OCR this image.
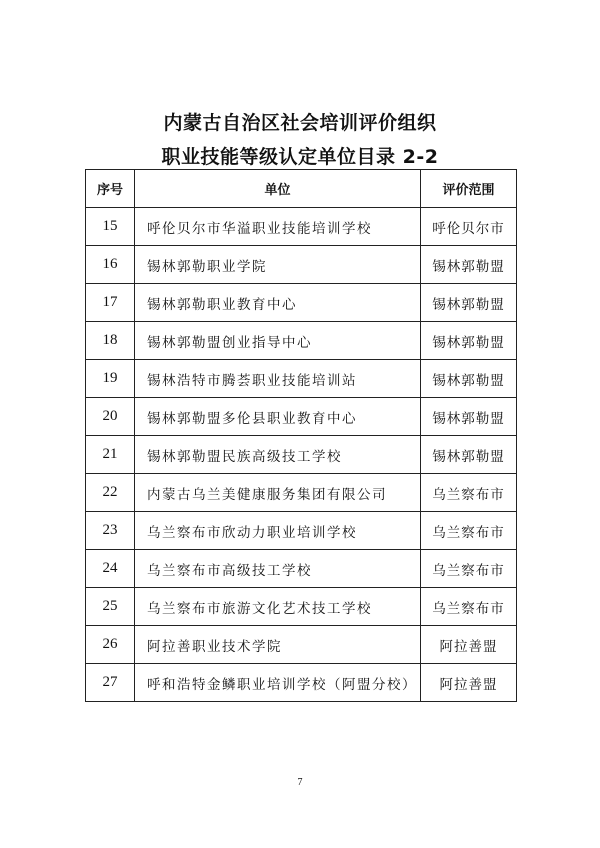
内蒙古自治区社会培训评价组织
职业技能等级认定单位目录 2-2
序号	单位	评价范围
15	呼伦贝尔市华溢职业技能培训学校	呼伦贝尔市
16	锡林郭勒职业学院	锡林郭勒盟
17	锡林郭勒职业教育中心	锡林郭勒盟
18	锡林郭勒盟创业指导中心	锡林郭勒盟
19	锡林浩特市腾荟职业技能培训站	锡林郭勒盟
20	锡林郭勒盟多伦县职业教育中心	锡林郭勒盟
21	锡林郭勒盟民族高级技工学校	锡林郭勒盟
22	内蒙古乌兰美健康服务集团有限公司	乌兰察布市
23	乌兰察布市欣动力职业培训学校	乌兰察布市
24	乌兰察布市高级技工学校	乌兰察布市
25	乌兰察布市旅游文化艺术技工学校	乌兰察布市
26	阿拉善职业技术学院	阿拉善盟
27	呼和浩特金鳞职业培训学校（阿盟分校）	阿拉善盟
7
